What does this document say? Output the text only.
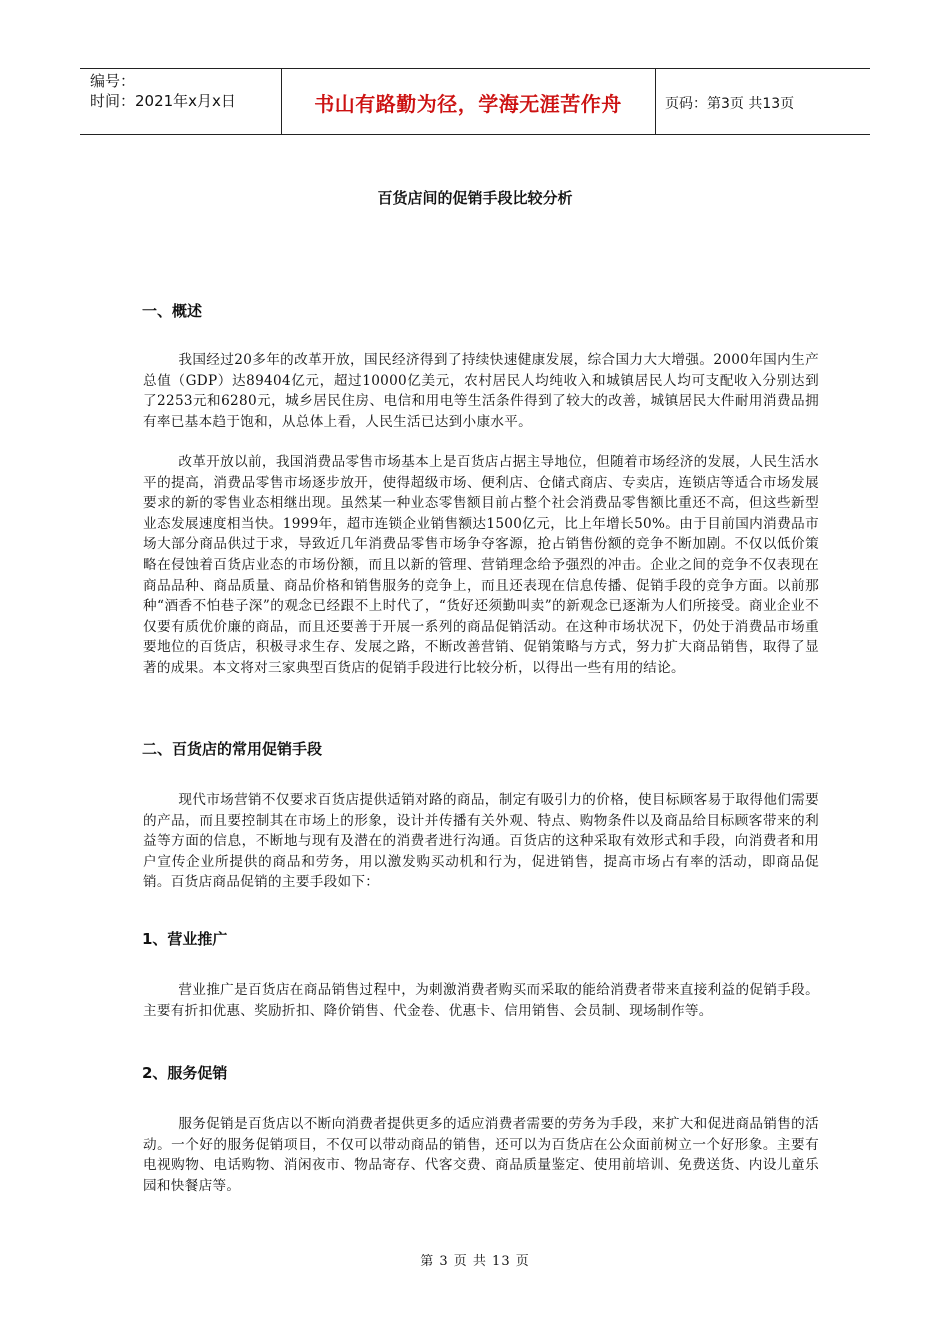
编号：
时间：2021年x月x日	书山有路勤为径，学海无涯苦作舟	页码：第3页 共13页
百货店间的促销手段比较分析
一、概述

我国经过20多年的改革开放，国民经济得到了持续快速健康发展，综合国力大大增强。2000年国内生产总值（GDP）达89404亿元，超过10000亿美元，农村居民人均纯收入和城镇居民人均可支配收入分别达到了2253元和6280元，城乡居民住房、电信和用电等生活条件得到了较大的改善，城镇居民大件耐用消费品拥有率已基本趋于饱和，从总体上看，人民生活已达到小康水平。

改革开放以前，我国消费品零售市场基本上是百货店占据主导地位，但随着市场经济的发展，人民生活水平的提高，消费品零售市场逐步放开，使得超级市场、便利店、仓储式商店、专卖店，连锁店等适合市场发展要求的新的零售业态相继出现。虽然某一种业态零售额目前占整个社会消费品零售额比重还不高，但这些新型业态发展速度相当快。1999年，超市连锁企业销售额达1500亿元，比上年增长50%。由于目前国内消费品市场大部分商品供过于求，导致近几年消费品零售市场争夺客源，抢占销售份额的竞争不断加剧。不仅以低价策略在侵蚀着百货店业态的市场份额，而且以新的管理、营销理念给予强烈的冲击。企业之间的竞争不仅表现在商品品种、商品质量、商品价格和销售服务的竞争上，而且还表现在信息传播、促销手段的竞争方面。以前那种“酒香不怕巷子深”的观念已经跟不上时代了，“货好还须勤叫卖”的新观念已逐渐为人们所接受。商业企业不仅要有质优价廉的商品，而且还要善于开展一系列的商品促销活动。在这种市场状况下，仍处于消费品市场重要地位的百货店，积极寻求生存、发展之路，不断改善营销、促销策略与方式，努力扩大商品销售，取得了显著的成果。本文将对三家典型百货店的促销手段进行比较分析，以得出一些有用的结论。

二、百货店的常用促销手段

现代市场营销不仅要求百货店提供适销对路的商品，制定有吸引力的价格，使目标顾客易于取得他们需要的产品，而且要控制其在市场上的形象，设计并传播有关外观、特点、购物条件以及商品给目标顾客带来的利益等方面的信息，不断地与现有及潜在的消费者进行沟通。百货店的这种采取有效形式和手段，向消费者和用户宣传企业所提供的商品和劳务，用以激发购买动机和行为，促进销售，提高市场占有率的活动，即商品促销。百货店商品促销的主要手段如下：

1、营业推广

营业推广是百货店在商品销售过程中，为刺激消费者购买而采取的能给消费者带来直接利益的促销手段。主要有折扣优惠、奖励折扣、降价销售、代金卷、优惠卡、信用销售、会员制、现场制作等。

2、服务促销

服务促销是百货店以不断向消费者提供更多的适应消费者需要的劳务为手段，来扩大和促进商品销售的活动。一个好的服务促销项目，不仅可以带动商品的销售，还可以为百货店在公众面前树立一个好形象。主要有电视购物、电话购物、消闲夜市、物品寄存、代客交费、商品质量鉴定、使用前培训、免费送货、内设儿童乐园和快餐店等。

第 3 页 共 13 页
